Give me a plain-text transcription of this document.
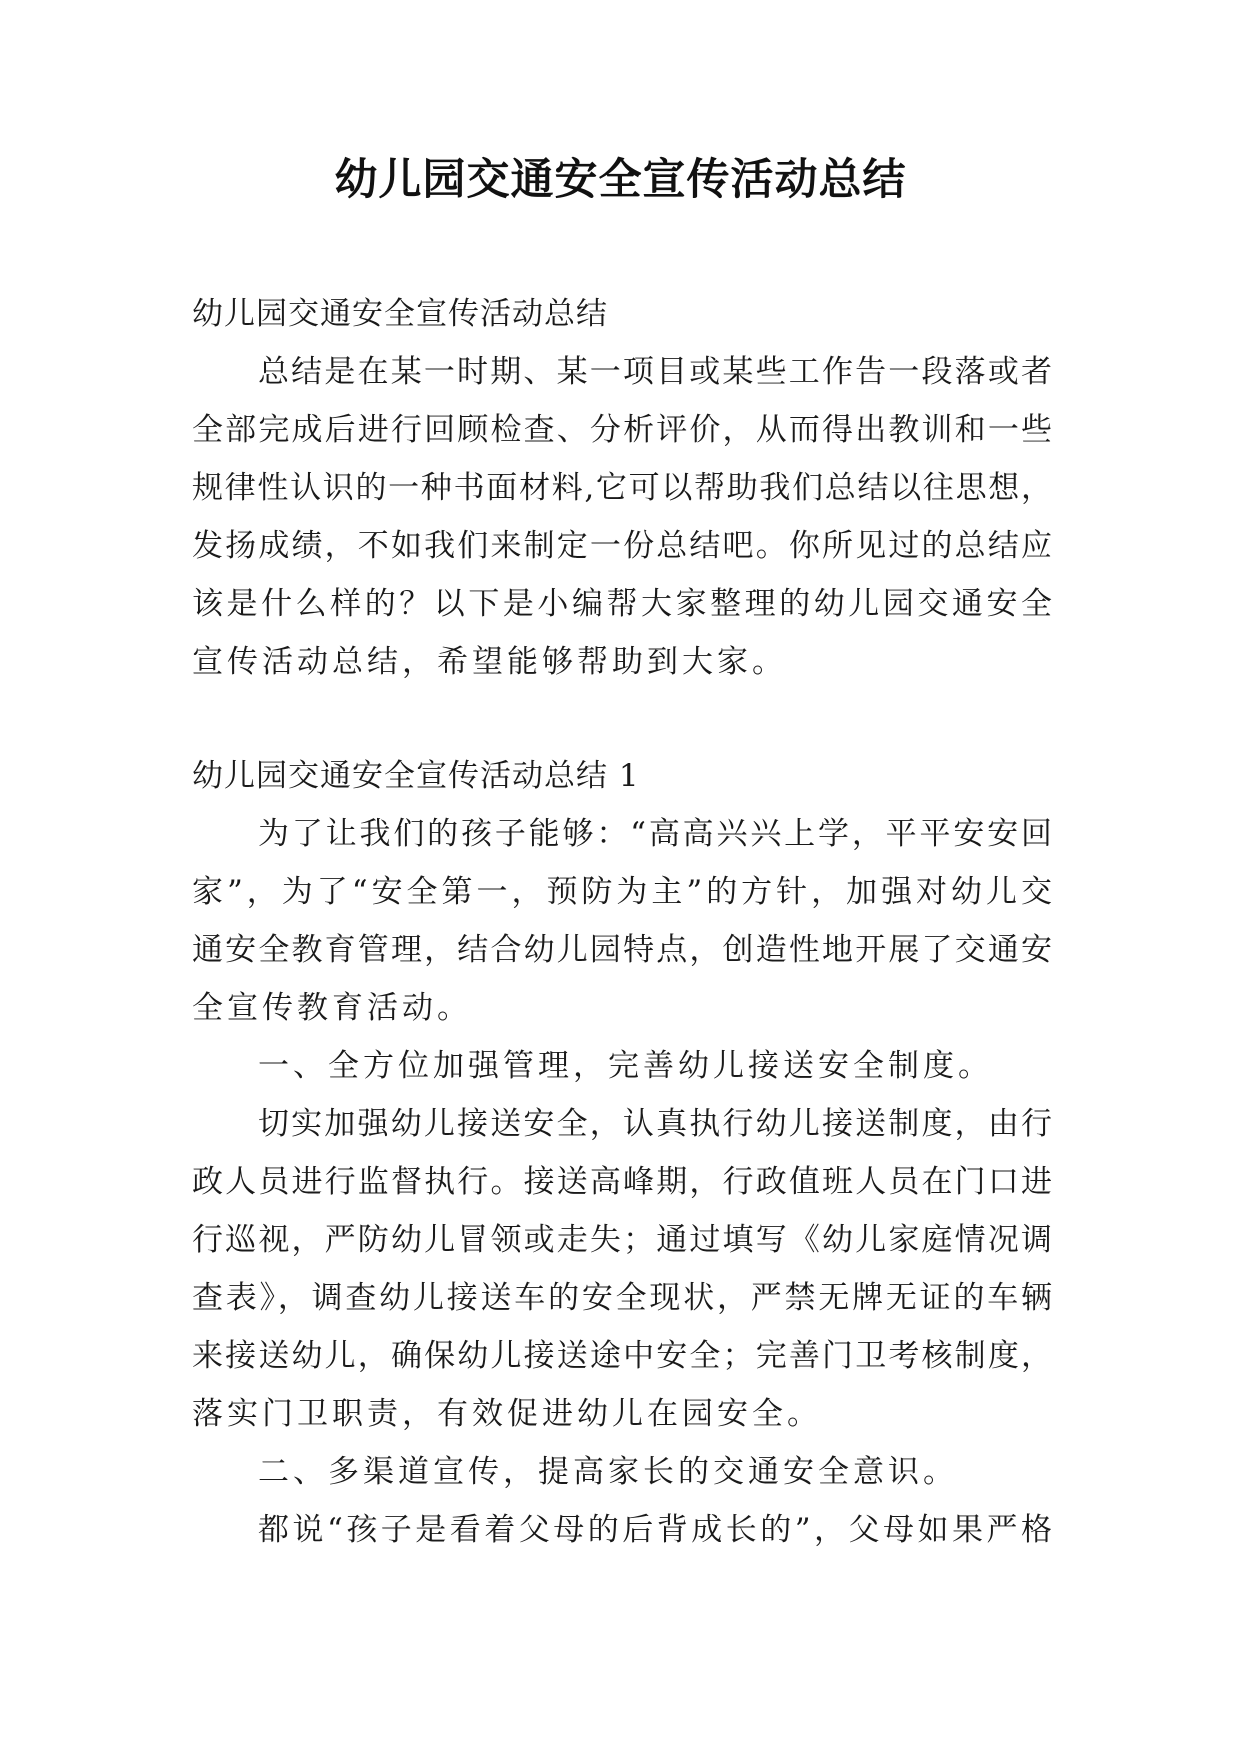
幼儿园交通安全宣传活动总结
幼儿园交通安全宣传活动总结
总结是在某一时期、某一项目或某些工作告一段落或者
全部完成后进行回顾检查、分析评价，从而得出教训和一些
规律性认识的一种书面材料,它可以帮助我们总结以往思想，
发扬成绩，不如我们来制定一份总结吧。你所见过的总结应
该是什么样的？以下是小编帮大家整理的幼儿园交通安全
宣传活动总结，希望能够帮助到大家。
幼儿园交通安全宣传活动总结 1
为了让我们的孩子能够：“高高兴兴上学，平平安安回
家”，为了“安全第一，预防为主”的方针，加强对幼儿交
通安全教育管理，结合幼儿园特点，创造性地开展了交通安
全宣传教育活动。
一、全方位加强管理，完善幼儿接送安全制度。
切实加强幼儿接送安全，认真执行幼儿接送制度，由行
政人员进行监督执行。接送高峰期，行政值班人员在门口进
行巡视，严防幼儿冒领或走失；通过填写《幼儿家庭情况调
查表》，调查幼儿接送车的安全现状，严禁无牌无证的车辆
来接送幼儿，确保幼儿接送途中安全；完善门卫考核制度，
落实门卫职责，有效促进幼儿在园安全。
二、多渠道宣传，提高家长的交通安全意识。
都说“孩子是看着父母的后背成长的”，父母如果严格
